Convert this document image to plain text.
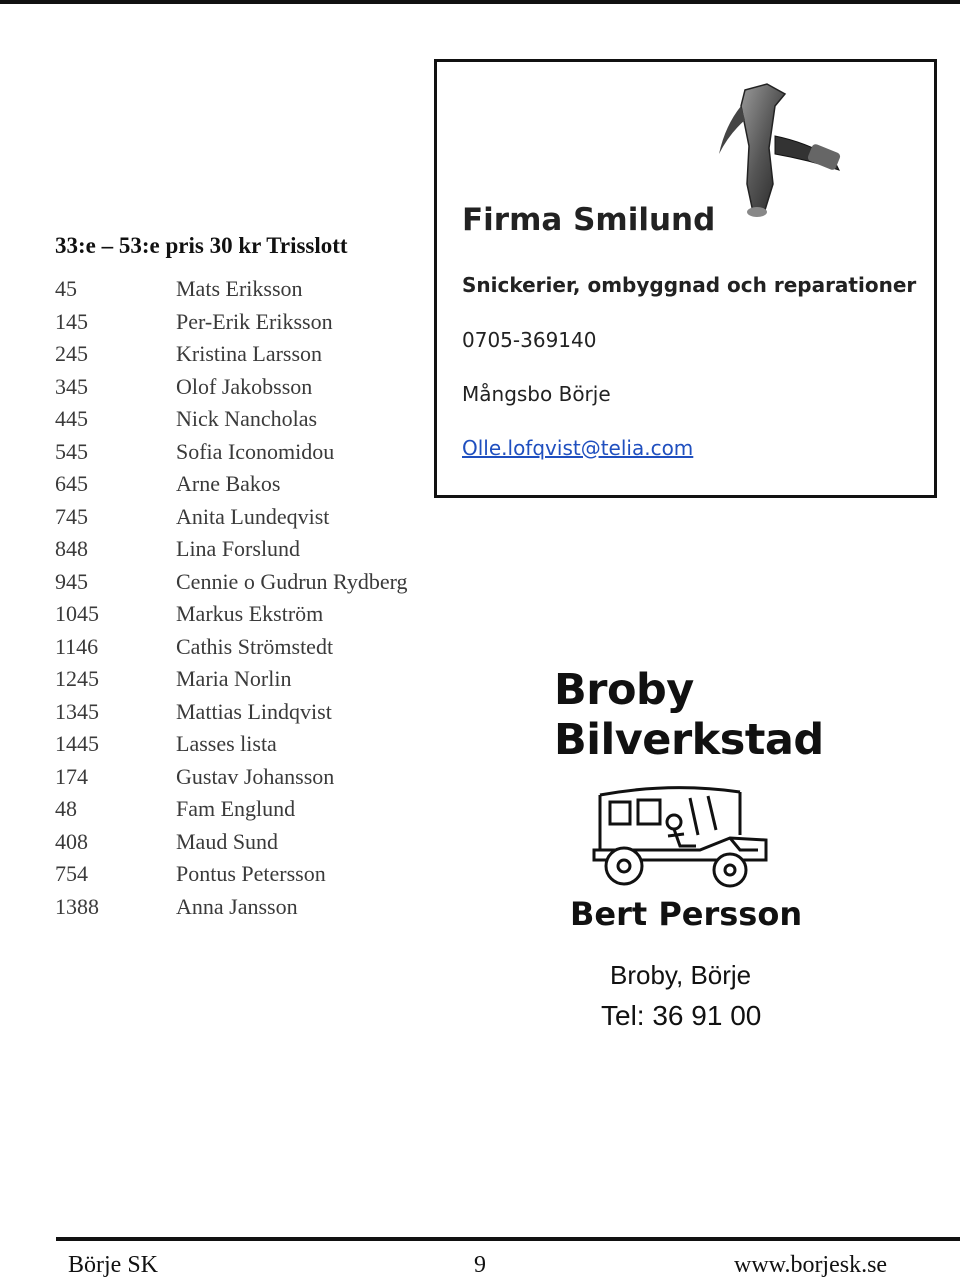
33:e – 53:e pris 30 kr Trisslott
45	Mats Eriksson
145	Per-Erik Eriksson
245	Kristina Larsson
345	Olof Jakobsson
445	Nick Nancholas
545	Sofia Iconomidou
645	Arne Bakos
745	Anita Lundeqvist
848	Lina Forslund
945	Cennie o Gudrun Rydberg
1045	Markus Ekström
1146	Cathis Strömstedt
1245	Maria Norlin
1345	Mattias Lindqvist
1445	Lasses lista
174	Gustav Johansson
48	Fam Englund
408	Maud Sund
754	Pontus Petersson
1388	Anna Jansson
Firma Smilund
Snickerier, ombyggnad och reparationer
0705-369140
Mångsbo Börje
Olle.lofqvist@telia.com
Broby
Bilverkstad
Bert Persson
Broby, Börje
Tel: 36 91 00
Börje SK	9	www.borjesk.se
